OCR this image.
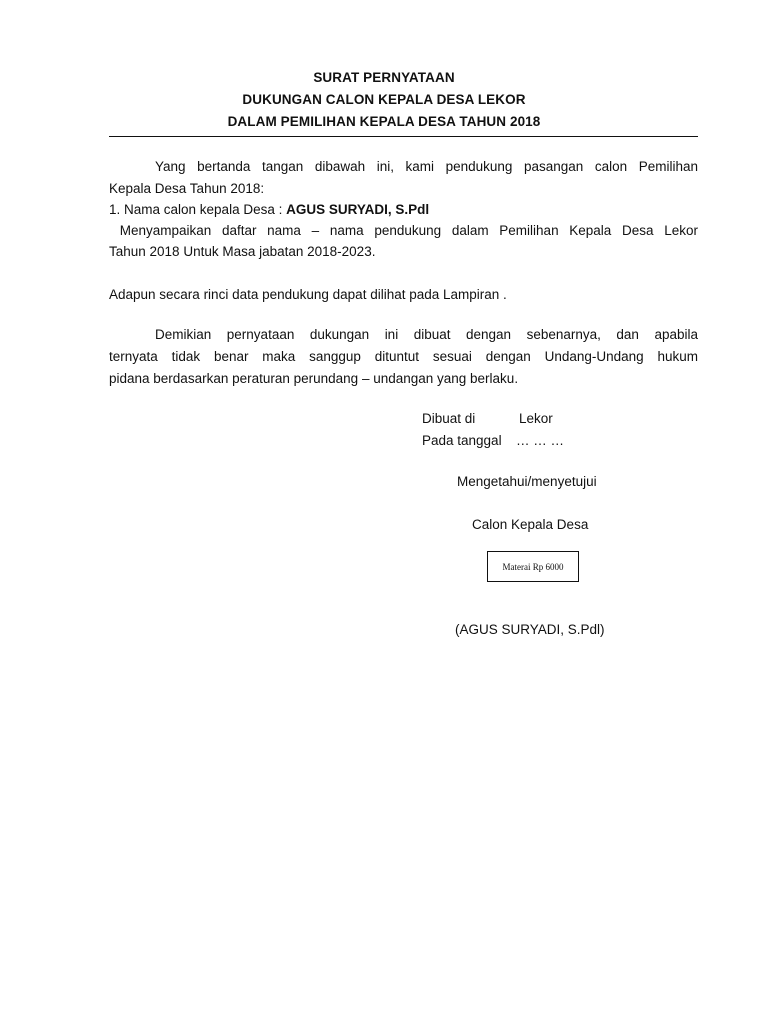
SURAT PERNYATAAN
DUKUNGAN CALON KEPALA DESA LEKOR
DALAM PEMILIHAN KEPALA DESA TAHUN 2018
Yang bertanda tangan dibawah ini, kami pendukung pasangan calon Pemilihan
Kepala Desa Tahun 2018:
1. Nama calon kepala Desa : AGUS SURYADI, S.Pdl
Menyampaikan daftar nama – nama pendukung dalam Pemilihan Kepala Desa Lekor
Tahun 2018 Untuk Masa jabatan 2018-2023.
Adapun secara rinci data pendukung dapat dilihat pada Lampiran .
Demikian pernyataan dukungan ini dibuat dengan sebenarnya, dan apabila
ternyata tidak benar maka sanggup dituntut sesuai dengan Undang-Undang hukum
pidana berdasarkan peraturan perundang – undangan yang berlaku.
Dibuat di	Lekor
Pada tanggal … … …
Mengetahui/menyetujui
Calon Kepala Desa
Materai Rp 6000
(AGUS SURYADI, S.Pdl)
